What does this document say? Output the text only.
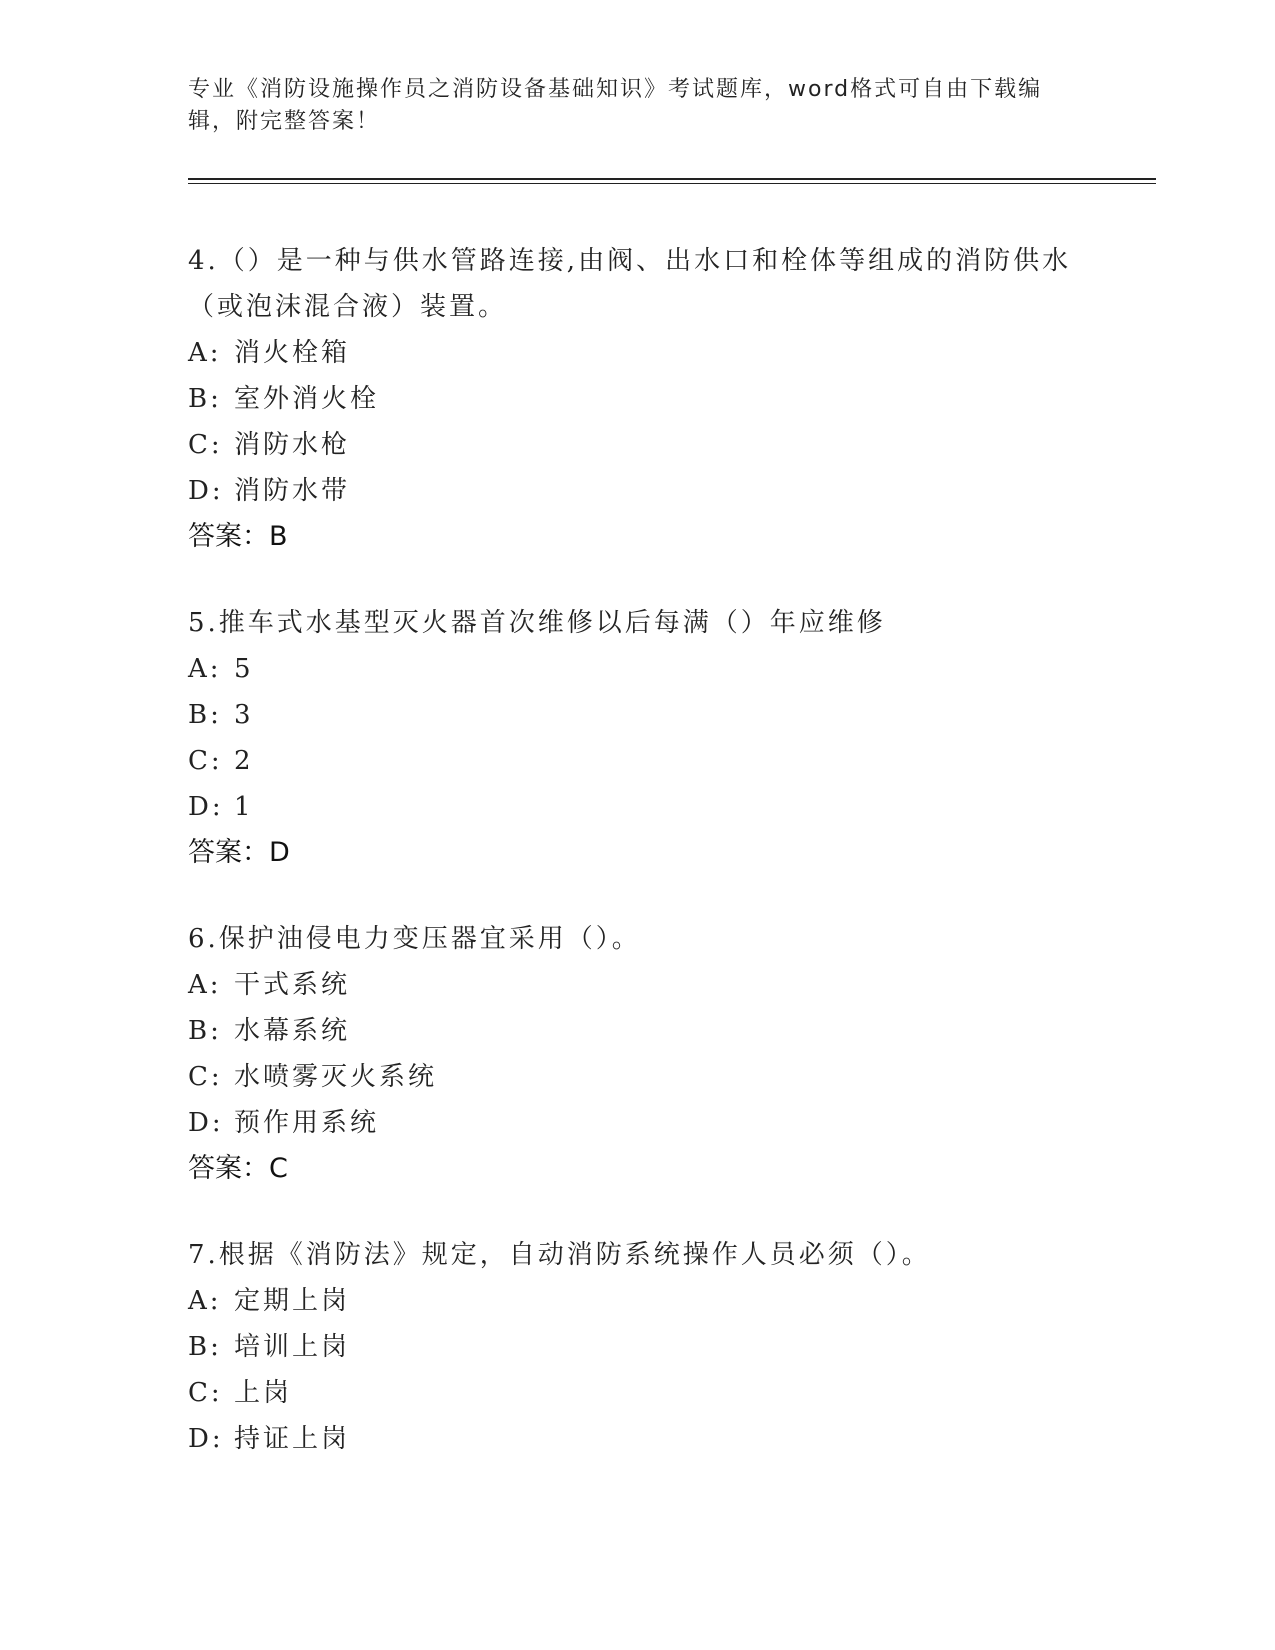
专业《消防设施操作员之消防设备基础知识》考试题库，word格式可自由下载编
辑，附完整答案！
4.（）是一种与供水管路连接,由阀、出水口和栓体等组成的消防供水
（或泡沫混合液）装置。
A: 消火栓箱
B: 室外消火栓
C: 消防水枪
D: 消防水带
答案：B
5.推车式水基型灭火器首次维修以后每满（）年应维修
A: 5
B: 3
C: 2
D: 1
答案：D
6.保护油侵电力变压器宜采用（）。
A: 干式系统
B: 水幕系统
C: 水喷雾灭火系统
D: 预作用系统
答案：C
7.根据《消防法》规定，自动消防系统操作人员必须（）。
A: 定期上岗
B: 培训上岗
C: 上岗
D: 持证上岗
